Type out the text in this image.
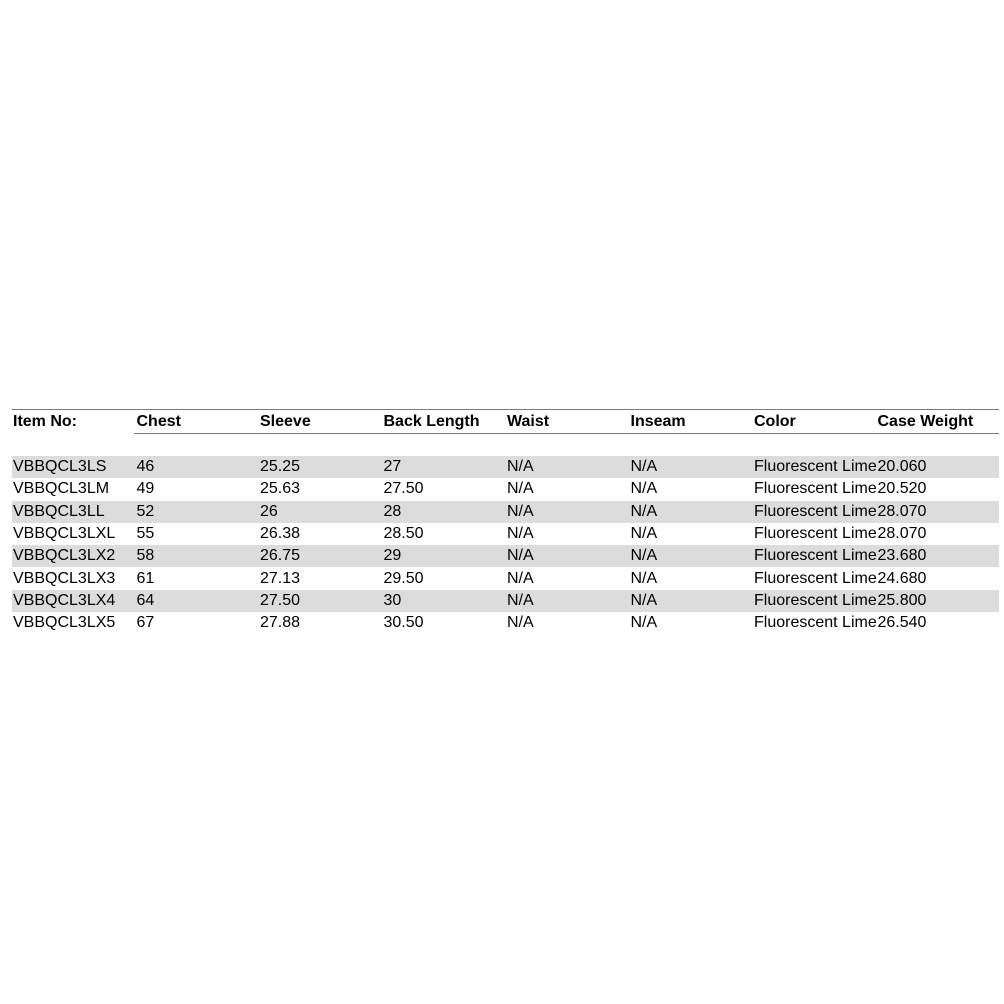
Item No:	Chest	Sleeve	Back Length	Waist	Inseam	Color	Case Weight
VBBQCL3LS	46	25.25	27	N/A	N/A	Fluorescent Lime 20.060
VBBQCL3LM	49	25.63	27.50	N/A	N/A	Fluorescent Lime 20.520
VBBQCL3LL	52	26	28	N/A	N/A	Fluorescent Lime 28.070
VBBQCL3LXL	55	26.38	28.50	N/A	N/A	Fluorescent Lime 28.070
VBBQCL3LX2	58	26.75	29	N/A	N/A	Fluorescent Lime 23.680
VBBQCL3LX3	61	27.13	29.50	N/A	N/A	Fluorescent Lime 24.680
VBBQCL3LX4	64	27.50	30	N/A	N/A	Fluorescent Lime 25.800
VBBQCL3LX5	67	27.88	30.50	N/A	N/A	Fluorescent Lime 26.540
